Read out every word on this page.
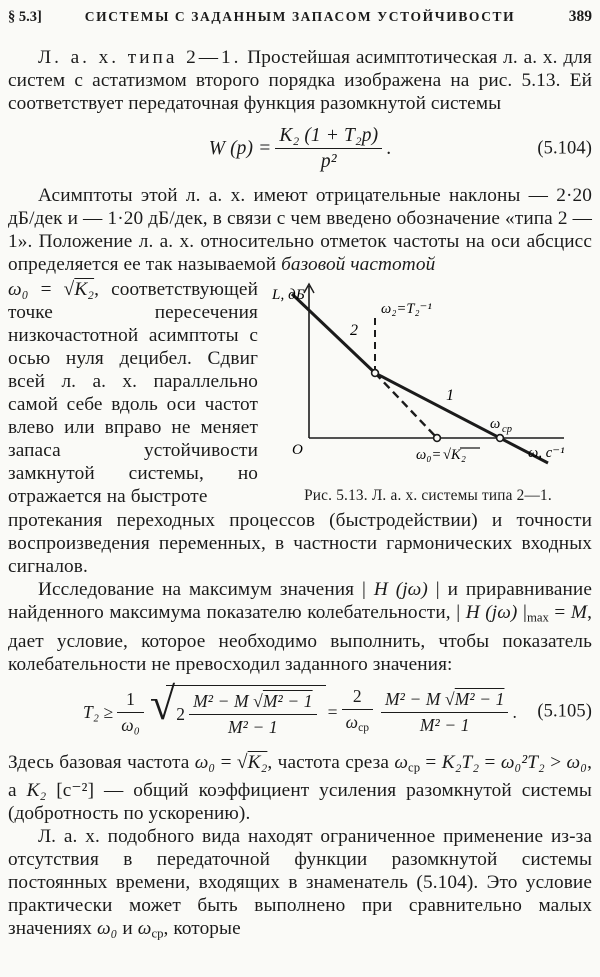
§ 5.3]	СИСТЕМЫ С ЗАДАННЫМ ЗАПАСОМ УСТОЙЧИВОСТИ	389

Л. а. х. типа 2—1. Простейшая асимптотическая л. а. х. для систем с астатизмом второго порядка изображена на рис. 5.13. Ей соответствует передаточная функция разомкнутой системы

W $(p) = \frac{\text{K₂ (1 + T₂p)}}{\text{p²}}$ .	(5.104)

Асимптоты этой л. а. х. имеют отрицательные наклоны — 2·20 дБ/дек и — 1·20 дБ/дек, в связи с чем введено обозначение «типа 2 — 1». Положение л. а. х. относительно отметок частоты на оси абсцисс определяется ее так называемой базовой частотой

ω₀ = √K₂, соответствующей точке пересечения низкочастотной асимптоты с осью нуля децибел. Сдвиг всей л. а. х. параллельно самой себе вдоль оси частот влево или вправо не меняет запаса устойчивости замкнутой системы, но отражается на быстроте
L, дБ
O
ω₂=T₂⁻¹
2
1
ω₀= √K₂
ω ср
ω, c⁻¹
Рис. 5.13. Л. а. х. системы типа 2—1.

протекания переходных процессов (быстродействии) и точности воспроизведения переменных, в частности гармонических входных сигналов.

Исследование на максимум значения | H (jω) | и приравнивание найденного максимума показателю колебательности, | H (jω) $|_{max} = M$, дает условие, которое необходимо выполнить, чтобы показатель колебательности не превосходил заданного значения:

$T_2 \ge \frac{1}{\text{ω₀}}$ √ $2 \frac{\text{M² − M √M² − 1}}{\text{M² − 1}} = \frac{2}{\omega_{ср}} \frac{\text{M² − M √M² − 1}}{\text{M² − 1}}$ . (5.105)

Здесь базовая частота ω₀ = √K₂, частота среза $\omega_{ср} = K_2T_2 = \omega_0^2T_2 > \omega_0$, а K₂ [c⁻²] — общий коэффициент усиления разомкнутой системы (добротность по ускорению).

Л. а. х. подобного вида находят ограниченное применение из-за отсутствия в передаточной функции разомкнутой системы постоянных времени, входящих в знаменатель (5.104). Это условие практически может быть выполнено при сравнительно малых значениях ω₀ и $\omega_{ср}$, которые
